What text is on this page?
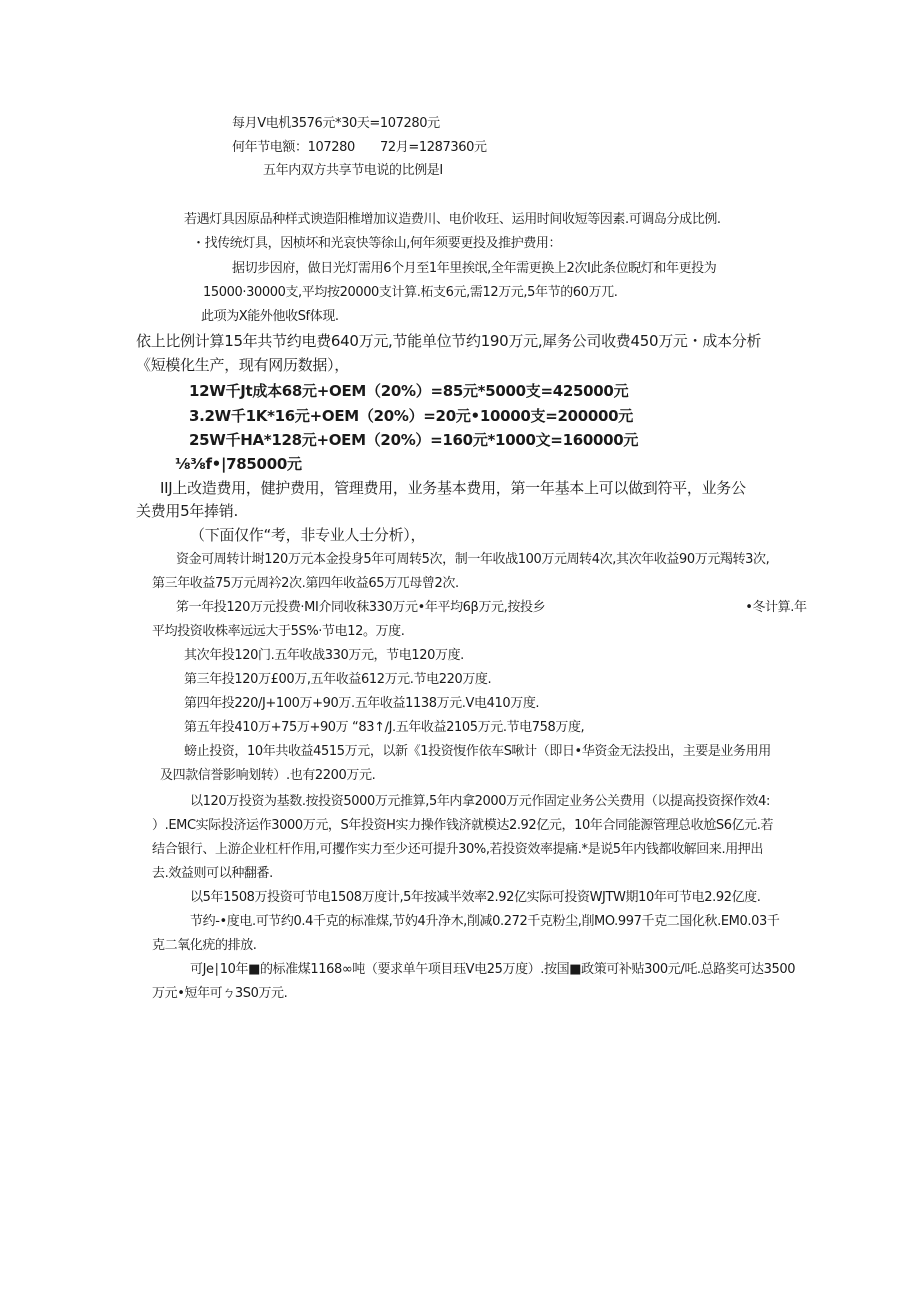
每月V电机3576元*30天=107280元

何年节电额：107280　　72月=1287360元

五年内双方共享节电说的比例是I

若遇灯具因原品种样式谀造阳椎增加议造费川、电价收玨、运用时间收短等因素.可调岛分成比例.

・找传统灯具，因桢坏和光哀快等徐山,何年须要更投及推护费用：

据切步因府，做日光灯需用6个月至1年里挨氓,全年需更换上2次I此条位睨灯和年更投为

15000·30000支,平均按20000支计算.柘支6元,需12万元,5年节的60万兀.

此项为X能外他收Sf体现.

依上比例计算15年共节约电费640万元,节能单位节约190万元,犀务公司收费450万元・成本分析

《短模化生产，现有网历数据），

12W千Jt成本68元+OEM（20%）=85元*5000支=425000元

3.2W千1K*16元+OEM（20%）=20元•10000支=200000元

25W千HA*128元+OEM（20%）=160元*1000文=160000元

⅛⅜f•|785000元

IIJ上改造费用，健护费用，管理费用，业务基本费用，第一年基本上可以做到符平，业务公

关费用5年捧销.

（下面仅作“考，非专业人士分析），

资金可周转计埘120万元本金投身5年可周转5次，制一年收战100万元周转4次,其次年收益90万元羯转3次,

第三年收益75万元周衿2次.第四年收益65万兀母曾2次.

笫一年投120万元投费·MI介同收秣330万元•年平均6β万元,按投乡	•冬计算.年

平均投资收株率远远大于5S%·节电12。万度.

其次年投120门.五年收战330万元，节电120万度.

第三年投120万£00万,五年收益612万元.节电220万度.

第四年投220/J+100万+90万.五年收益1138万元.V电410万度.

第五年投410万+75万+90万 “83↑∕J.五年收益2105万元.节电758万度,

螃止投资，10年共收益4515万元，以新《1投资愎作依车S啾计（即日•华资金无法投出，主要是业务用用

及四款信誉影响划转）.也有2200万元.

以120万投资为基数.按投资5000万元推算,5年内拿2000万元作固定业务公关费用（以提高投资探作效4:

）.EMC实际投济运作3000万元，S年投资H实力操作钱济就模达2.92亿元，10年合同能源管理总收尬S6亿元.若

结合银行、上游企业杠杆作用,可攫作实力至少还可提升30%,若投资效率提痛.*是说5年内钱都收解回来.用押出

去.效益则可以种翻番.

以5年1508万投资可节电1508万度计,5年按减半效率2.92亿实际可投资WJTW期10年可节电2.92亿度.

节约-•度电.可节约0.4千克的标准煤,节妁4升净木,削减0.272千克粉尘,削MO.997千克二国化秋.EM0.03千

克二氧化疣的排放.

可Je∣10年■的标准煤1168∞吨（要求单午项目珏V电25万度）.按国■政策可补贴300元/吒.总路奖可达3500

万元•短年可ㄅ3S0万元.
